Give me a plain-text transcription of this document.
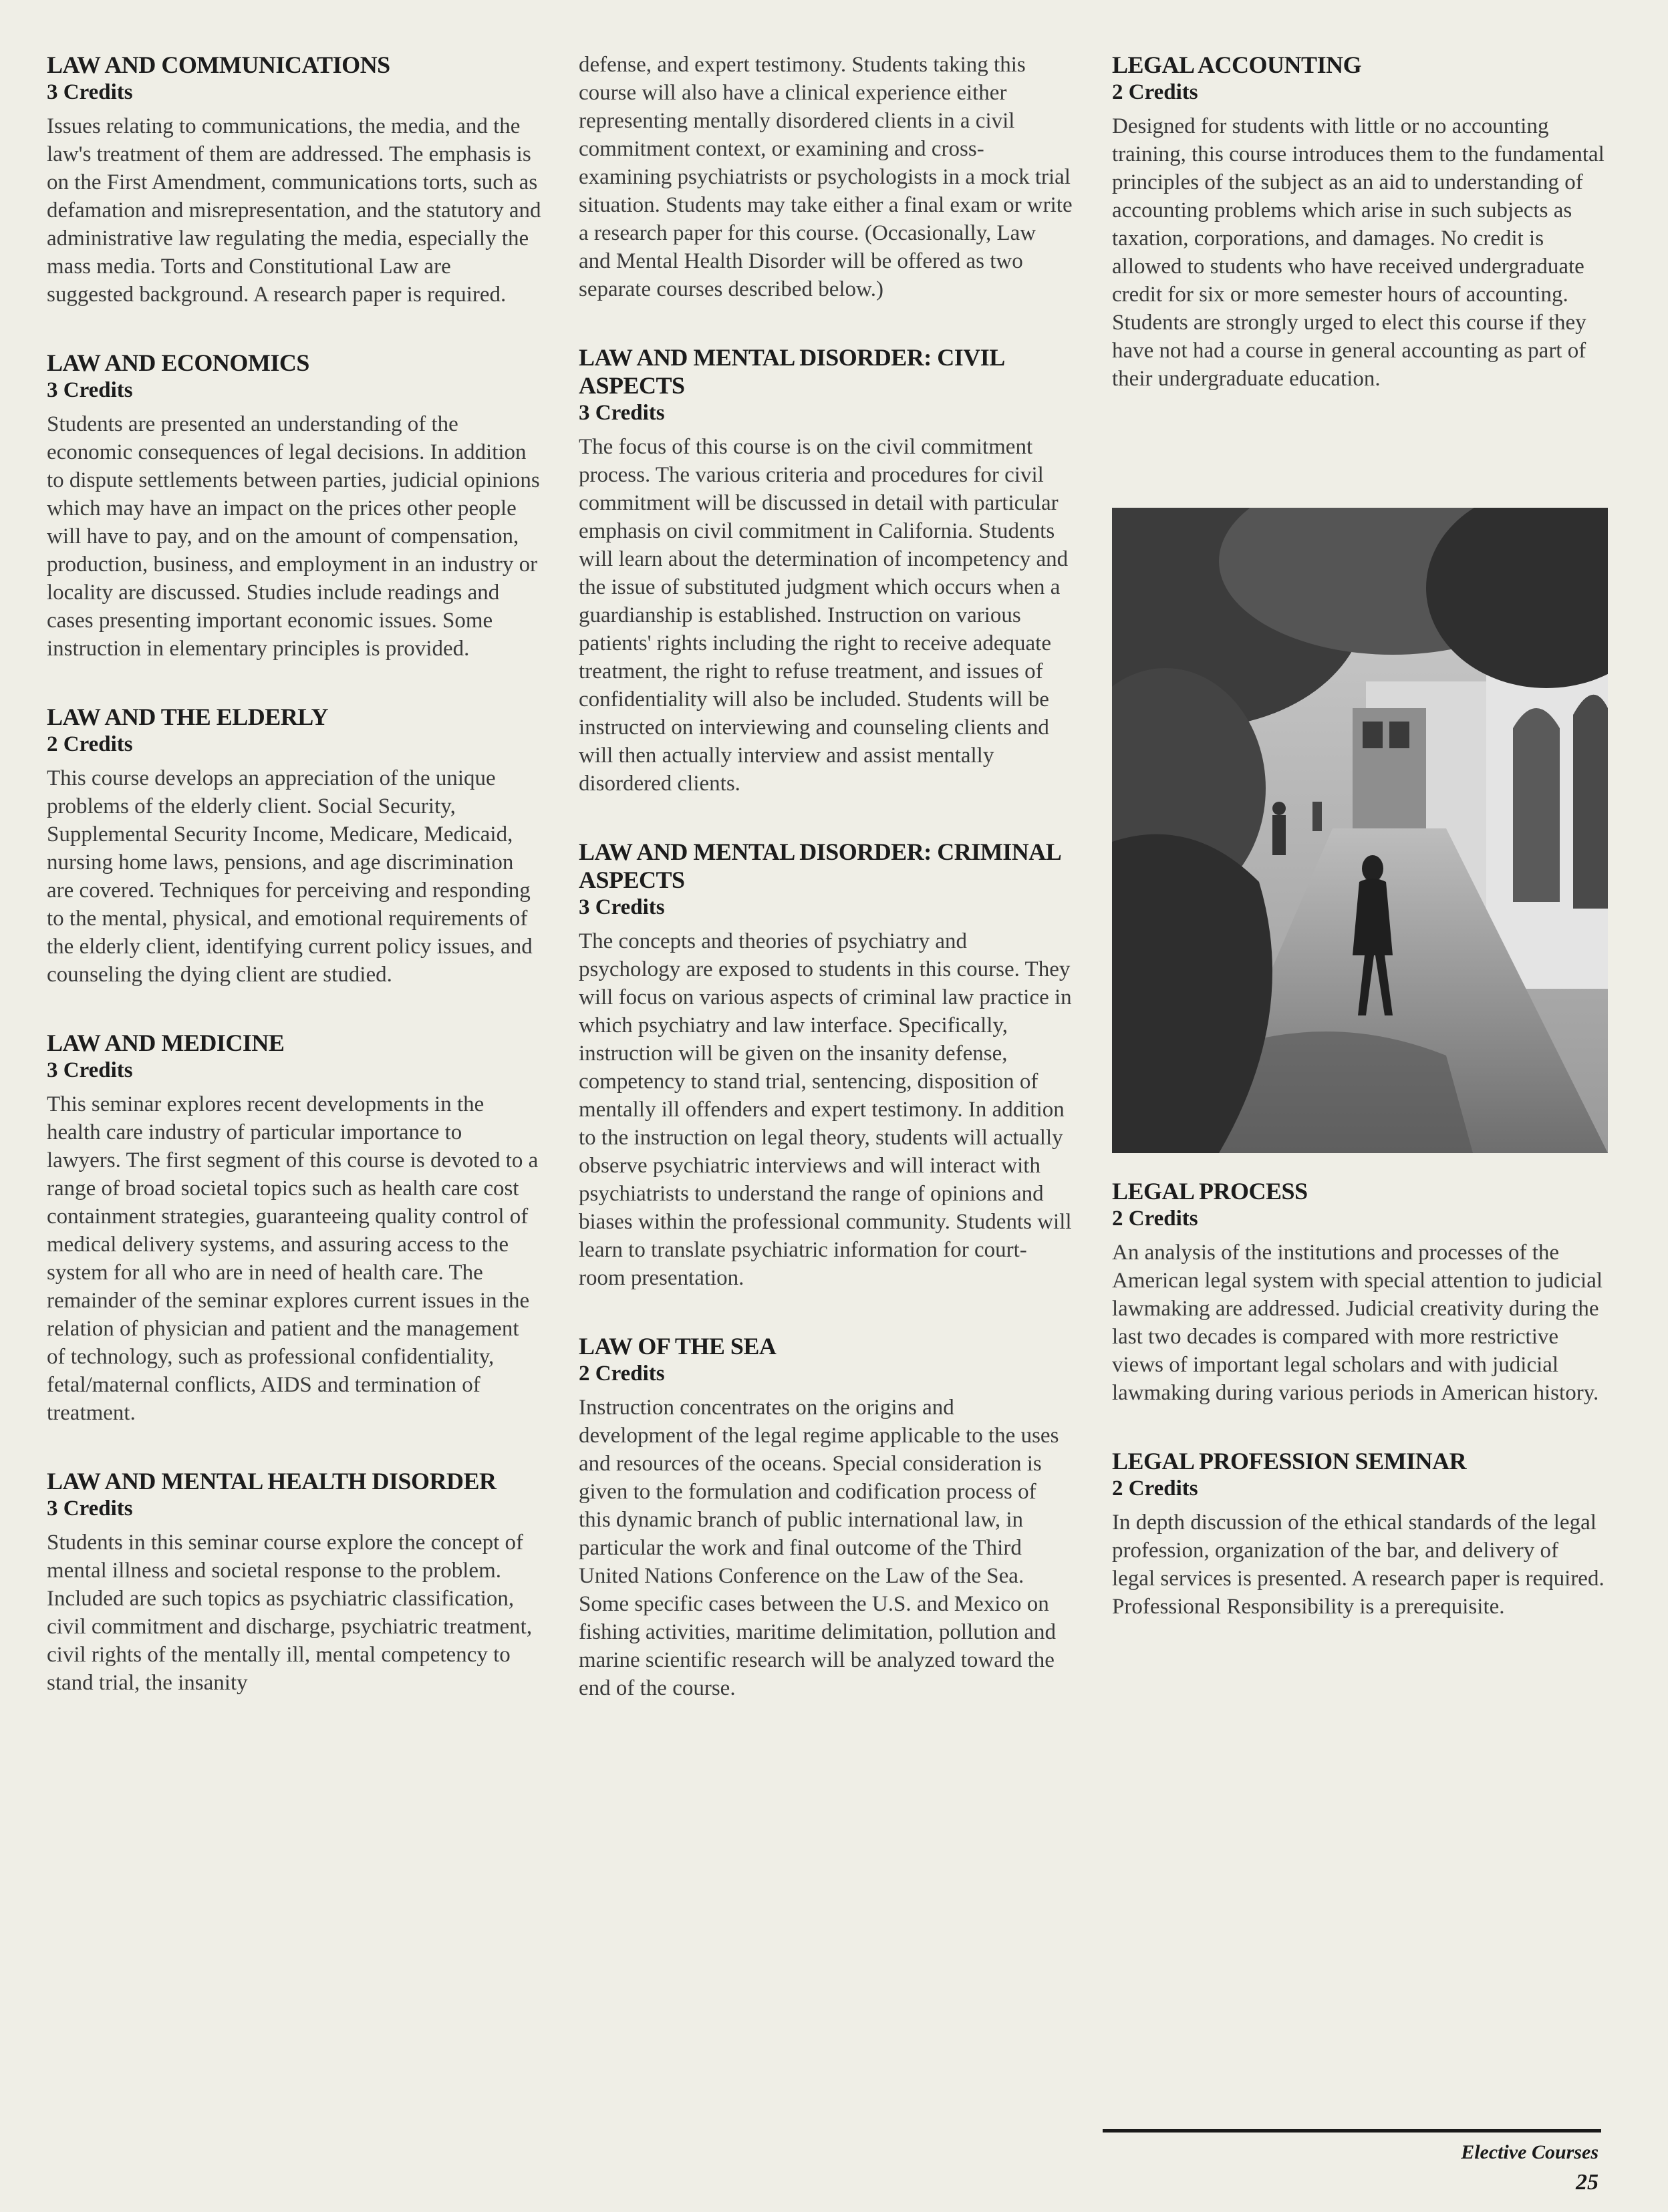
LAW AND COMMUNICATIONS
3 Credits

Issues relating to communications, the media, and the law's treatment of them are addressed. The emphasis is on the First Amendment, communications torts, such as defamation and misrepresentation, and the statutory and administrative law regulating the media, especially the mass media. Torts and Constitutional Law are suggested background. A research paper is required.

LAW AND ECONOMICS
3 Credits

Students are presented an understanding of the economic consequences of legal decisions. In addition to dispute settlements between parties, judicial opinions which may have an impact on the prices other people will have to pay, and on the amount of compensation, production, business, and employment in an industry or locality are discussed. Studies include readings and cases presenting important economic issues. Some instruction in elementary principles is provided.

LAW AND THE ELDERLY
2 Credits

This course develops an appreciation of the unique problems of the elderly client. Social Security, Supplemental Security Income, Medicare, Medicaid, nursing home laws, pensions, and age discrimination are covered. Techniques for perceiving and responding to the mental, physical, and emotional requirements of the elderly client, identifying current policy issues, and counseling the dying client are studied.

LAW AND MEDICINE
3 Credits

This seminar explores recent developments in the health care industry of particular importance to lawyers. The first segment of this course is devoted to a range of broad societal topics such as health care cost containment strategies, guaranteeing quality control of medical delivery systems, and assuring access to the system for all who are in need of health care. The remainder of the seminar explores current issues in the relation of physician and patient and the management of technology, such as professional confidentiality, fetal/maternal conflicts, AIDS and termination of treatment.

LAW AND MENTAL HEALTH DISORDER
3 Credits

Students in this seminar course explore the concept of mental illness and societal response to the problem. Included are such topics as psychiatric classification, civil commitment and discharge, psychiatric treatment, civil rights of the mentally ill, mental competency to stand trial, the insanity

defense, and expert testimony. Students taking this course will also have a clinical experience either representing mentally disordered clients in a civil commitment context, or examining and cross-examining psychiatrists or psychologists in a mock trial situation. Students may take either a final exam or write a research paper for this course. (Occasionally, Law and Mental Health Disorder will be offered as two separate courses described below.)

LAW AND MENTAL DISORDER: CIVIL ASPECTS
3 Credits

The focus of this course is on the civil commitment process. The various criteria and procedures for civil commitment will be discussed in detail with particular emphasis on civil commitment in California. Students will learn about the determination of incompetency and the issue of substituted judgment which occurs when a guardianship is established. Instruction on various patients' rights including the right to receive adequate treatment, the right to refuse treatment, and issues of confidentiality will also be included. Students will be instructed on interviewing and counseling clients and will then actually interview and assist mentally disordered clients.

LAW AND MENTAL DISORDER: CRIMINAL ASPECTS
3 Credits

The concepts and theories of psychiatry and psychology are exposed to students in this course. They will focus on various aspects of criminal law practice in which psychiatry and law interface. Specifically, instruction will be given on the insanity defense, competency to stand trial, sentencing, disposition of mentally ill offenders and expert testimony. In addition to the instruction on legal theory, students will actually observe psychiatric interviews and will interact with psychiatrists to understand the range of opinions and biases within the professional community. Students will learn to translate psychiatric information for court-room presentation.

LAW OF THE SEA
2 Credits

Instruction concentrates on the origins and development of the legal regime applicable to the uses and resources of the oceans. Special consideration is given to the formulation and codification process of this dynamic branch of public international law, in particular the work and final outcome of the Third United Nations Conference on the Law of the Sea. Some specific cases between the U.S. and Mexico on fishing activities, maritime delimitation, pollution and marine scientific research will be analyzed toward the end of the course.

LEGAL ACCOUNTING
2 Credits

Designed for students with little or no accounting training, this course introduces them to the fundamental principles of the subject as an aid to understanding of accounting problems which arise in such subjects as taxation, corporations, and damages. No credit is allowed to students who have received undergraduate credit for six or more semester hours of accounting. Students are strongly urged to elect this course if they have not had a course in general accounting as part of their undergraduate education.

LEGAL PROCESS
2 Credits

An analysis of the institutions and processes of the American legal system with special attention to judicial lawmaking are addressed. Judicial creativity during the last two decades is compared with more restrictive views of important legal scholars and with judicial lawmaking during various periods in American history.

LEGAL PROFESSION SEMINAR
2 Credits

In depth discussion of the ethical standards of the legal profession, organization of the bar, and delivery of legal services is presented. A research paper is required. Professional Responsibility is a prerequisite.

Elective Courses
25
